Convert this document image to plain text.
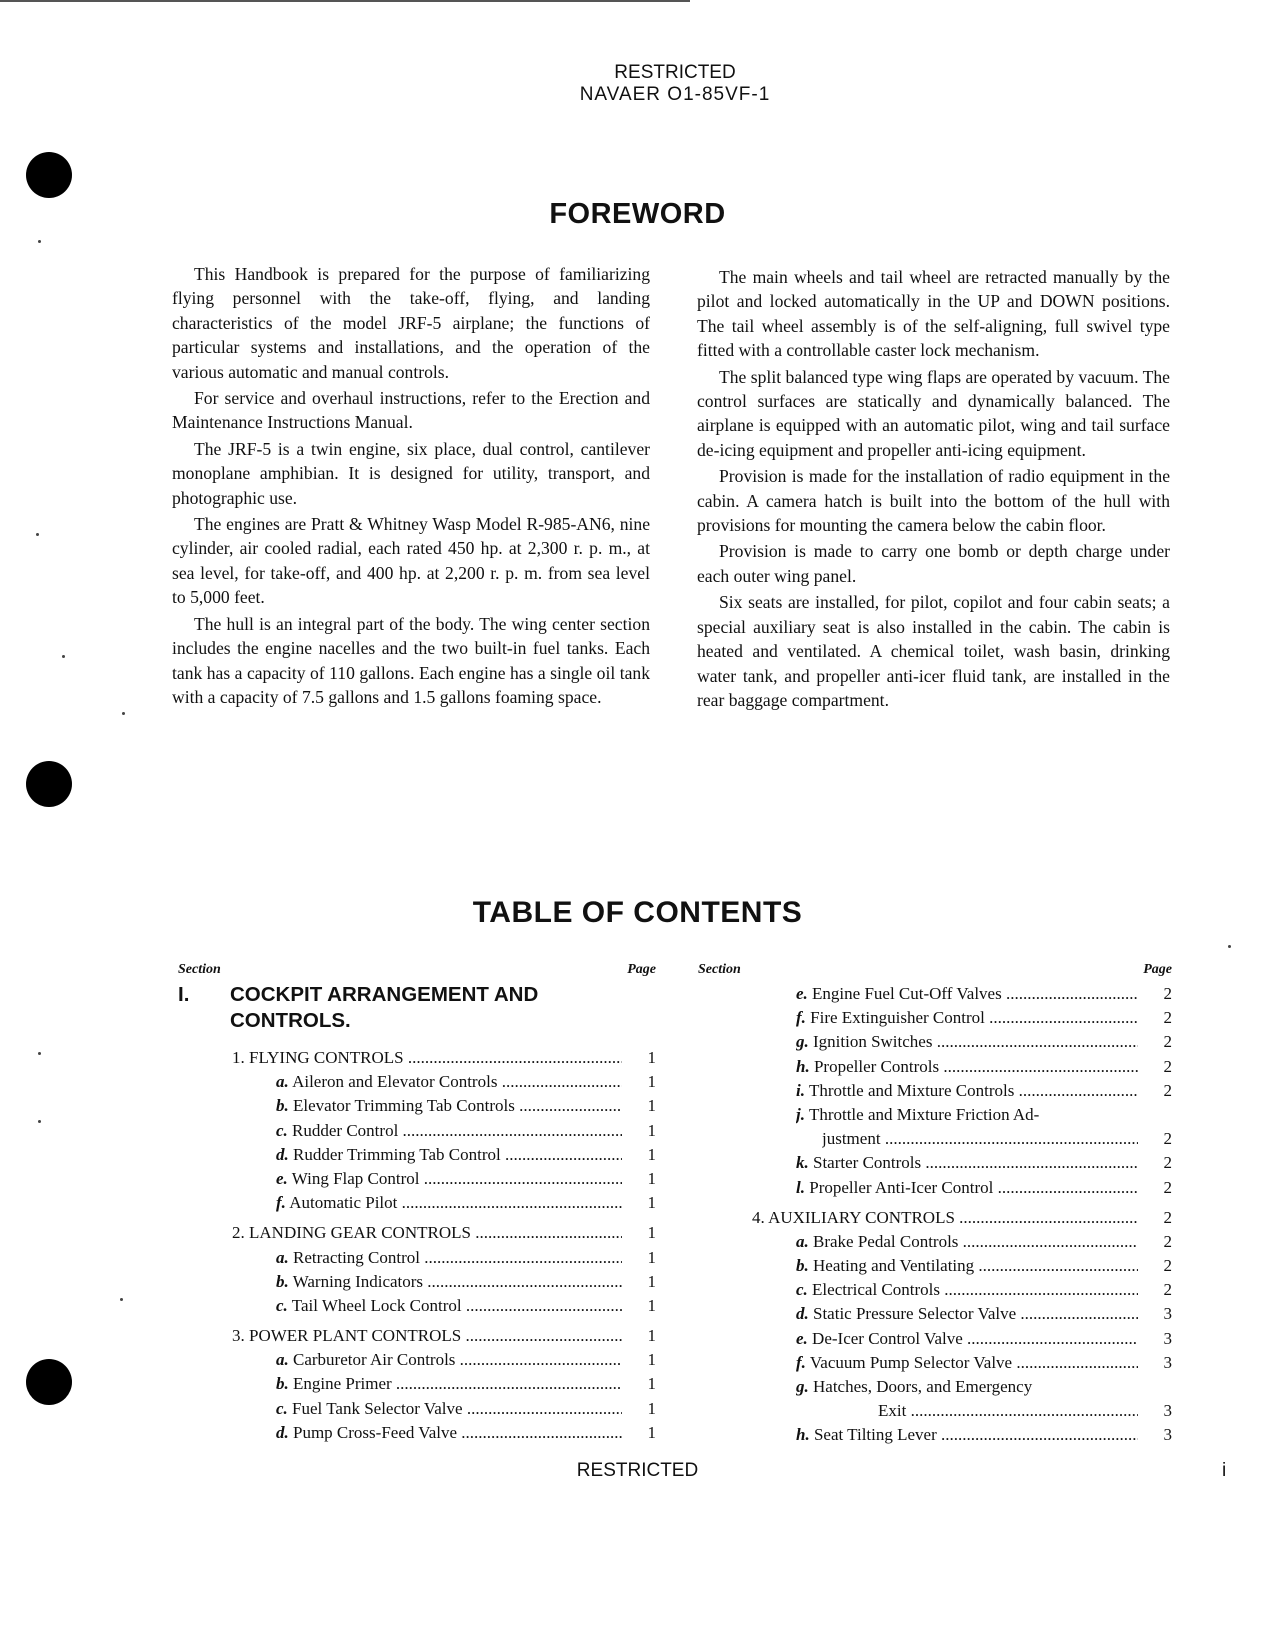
RESTRICTED
NAVAER O1-85VF-1
FOREWORD

This Handbook is prepared for the purpose of familiarizing flying personnel with the take-off, flying, and landing characteristics of the model JRF-5 airplane; the functions of particular systems and installations, and the operation of the various automatic and manual controls.

For service and overhaul instructions, refer to the Erection and Maintenance Instructions Manual.

The JRF-5 is a twin engine, six place, dual control, cantilever monoplane amphibian. It is designed for utility, transport, and photographic use.

The engines are Pratt & Whitney Wasp Model R-985-AN6, nine cylinder, air cooled radial, each rated 450 hp. at 2,300 r. p. m., at sea level, for take-off, and 400 hp. at 2,200 r. p. m. from sea level to 5,000 feet.

The hull is an integral part of the body. The wing center section includes the engine nacelles and the two built-in fuel tanks. Each tank has a capacity of 110 gallons. Each engine has a single oil tank with a capacity of 7.5 gallons and 1.5 gallons foaming space.

The main wheels and tail wheel are retracted manually by the pilot and locked automatically in the UP and DOWN positions. The tail wheel assembly is of the self-aligning, full swivel type fitted with a controllable caster lock mechanism.

The split balanced type wing flaps are operated by vacuum. The control surfaces are statically and dynamically balanced. The airplane is equipped with an automatic pilot, wing and tail surface de-icing equipment and propeller anti-icing equipment.

Provision is made for the installation of radio equipment in the cabin. A camera hatch is built into the bottom of the hull with provisions for mounting the camera below the cabin floor.

Provision is made to carry one bomb or depth charge under each outer wing panel.

Six seats are installed, for pilot, copilot and four cabin seats; a special auxiliary seat is also installed in the cabin. The cabin is heated and ventilated. A chemical toilet, wash basin, drinking water tank, and propeller anti-icer fluid tank, are installed in the rear baggage compartment.

TABLE OF CONTENTS
Section	Page
I. COCKPIT ARRANGEMENT AND
CONTROLS.
1. FLYING CONTROLS .....	1
a. Aileron and Elevator Controls .....	1
b. Elevator Trimming Tab Controls .....	1
c. Rudder Control .....	1
d. Rudder Trimming Tab Control .....	1
e. Wing Flap Control .....	1
f. Automatic Pilot .....	1
2. LANDING GEAR CONTROLS .....	1
a. Retracting Control .....	1
b. Warning Indicators .....	1
c. Tail Wheel Lock Control .....	1
3. POWER PLANT CONTROLS .....	1
a. Carburetor Air Controls .....	1
b. Engine Primer .....	1
c. Fuel Tank Selector Valve .....	1
d. Pump Cross-Feed Valve .....	1
Section	Page
e. Engine Fuel Cut-Off Valves .....	2
f. Fire Extinguisher Control .....	2
g. Ignition Switches .....	2
h. Propeller Controls .....	2
i. Throttle and Mixture Controls .....	2
j. Throttle and Mixture Friction Ad-
justment .....	2
k. Starter Controls .....	2
l. Propeller Anti-Icer Control .....	2
4. AUXILIARY CONTROLS .....	2
a. Brake Pedal Controls .....	2
b. Heating and Ventilating .....	2
c. Electrical Controls .....	2
d. Static Pressure Selector Valve .....	3
e. De-Icer Control Valve .....	3
f. Vacuum Pump Selector Valve .....	3
g. Hatches, Doors, and Emergency
Exit .....	3
h. Seat Tilting Lever .....	3
RESTRICTED	i
